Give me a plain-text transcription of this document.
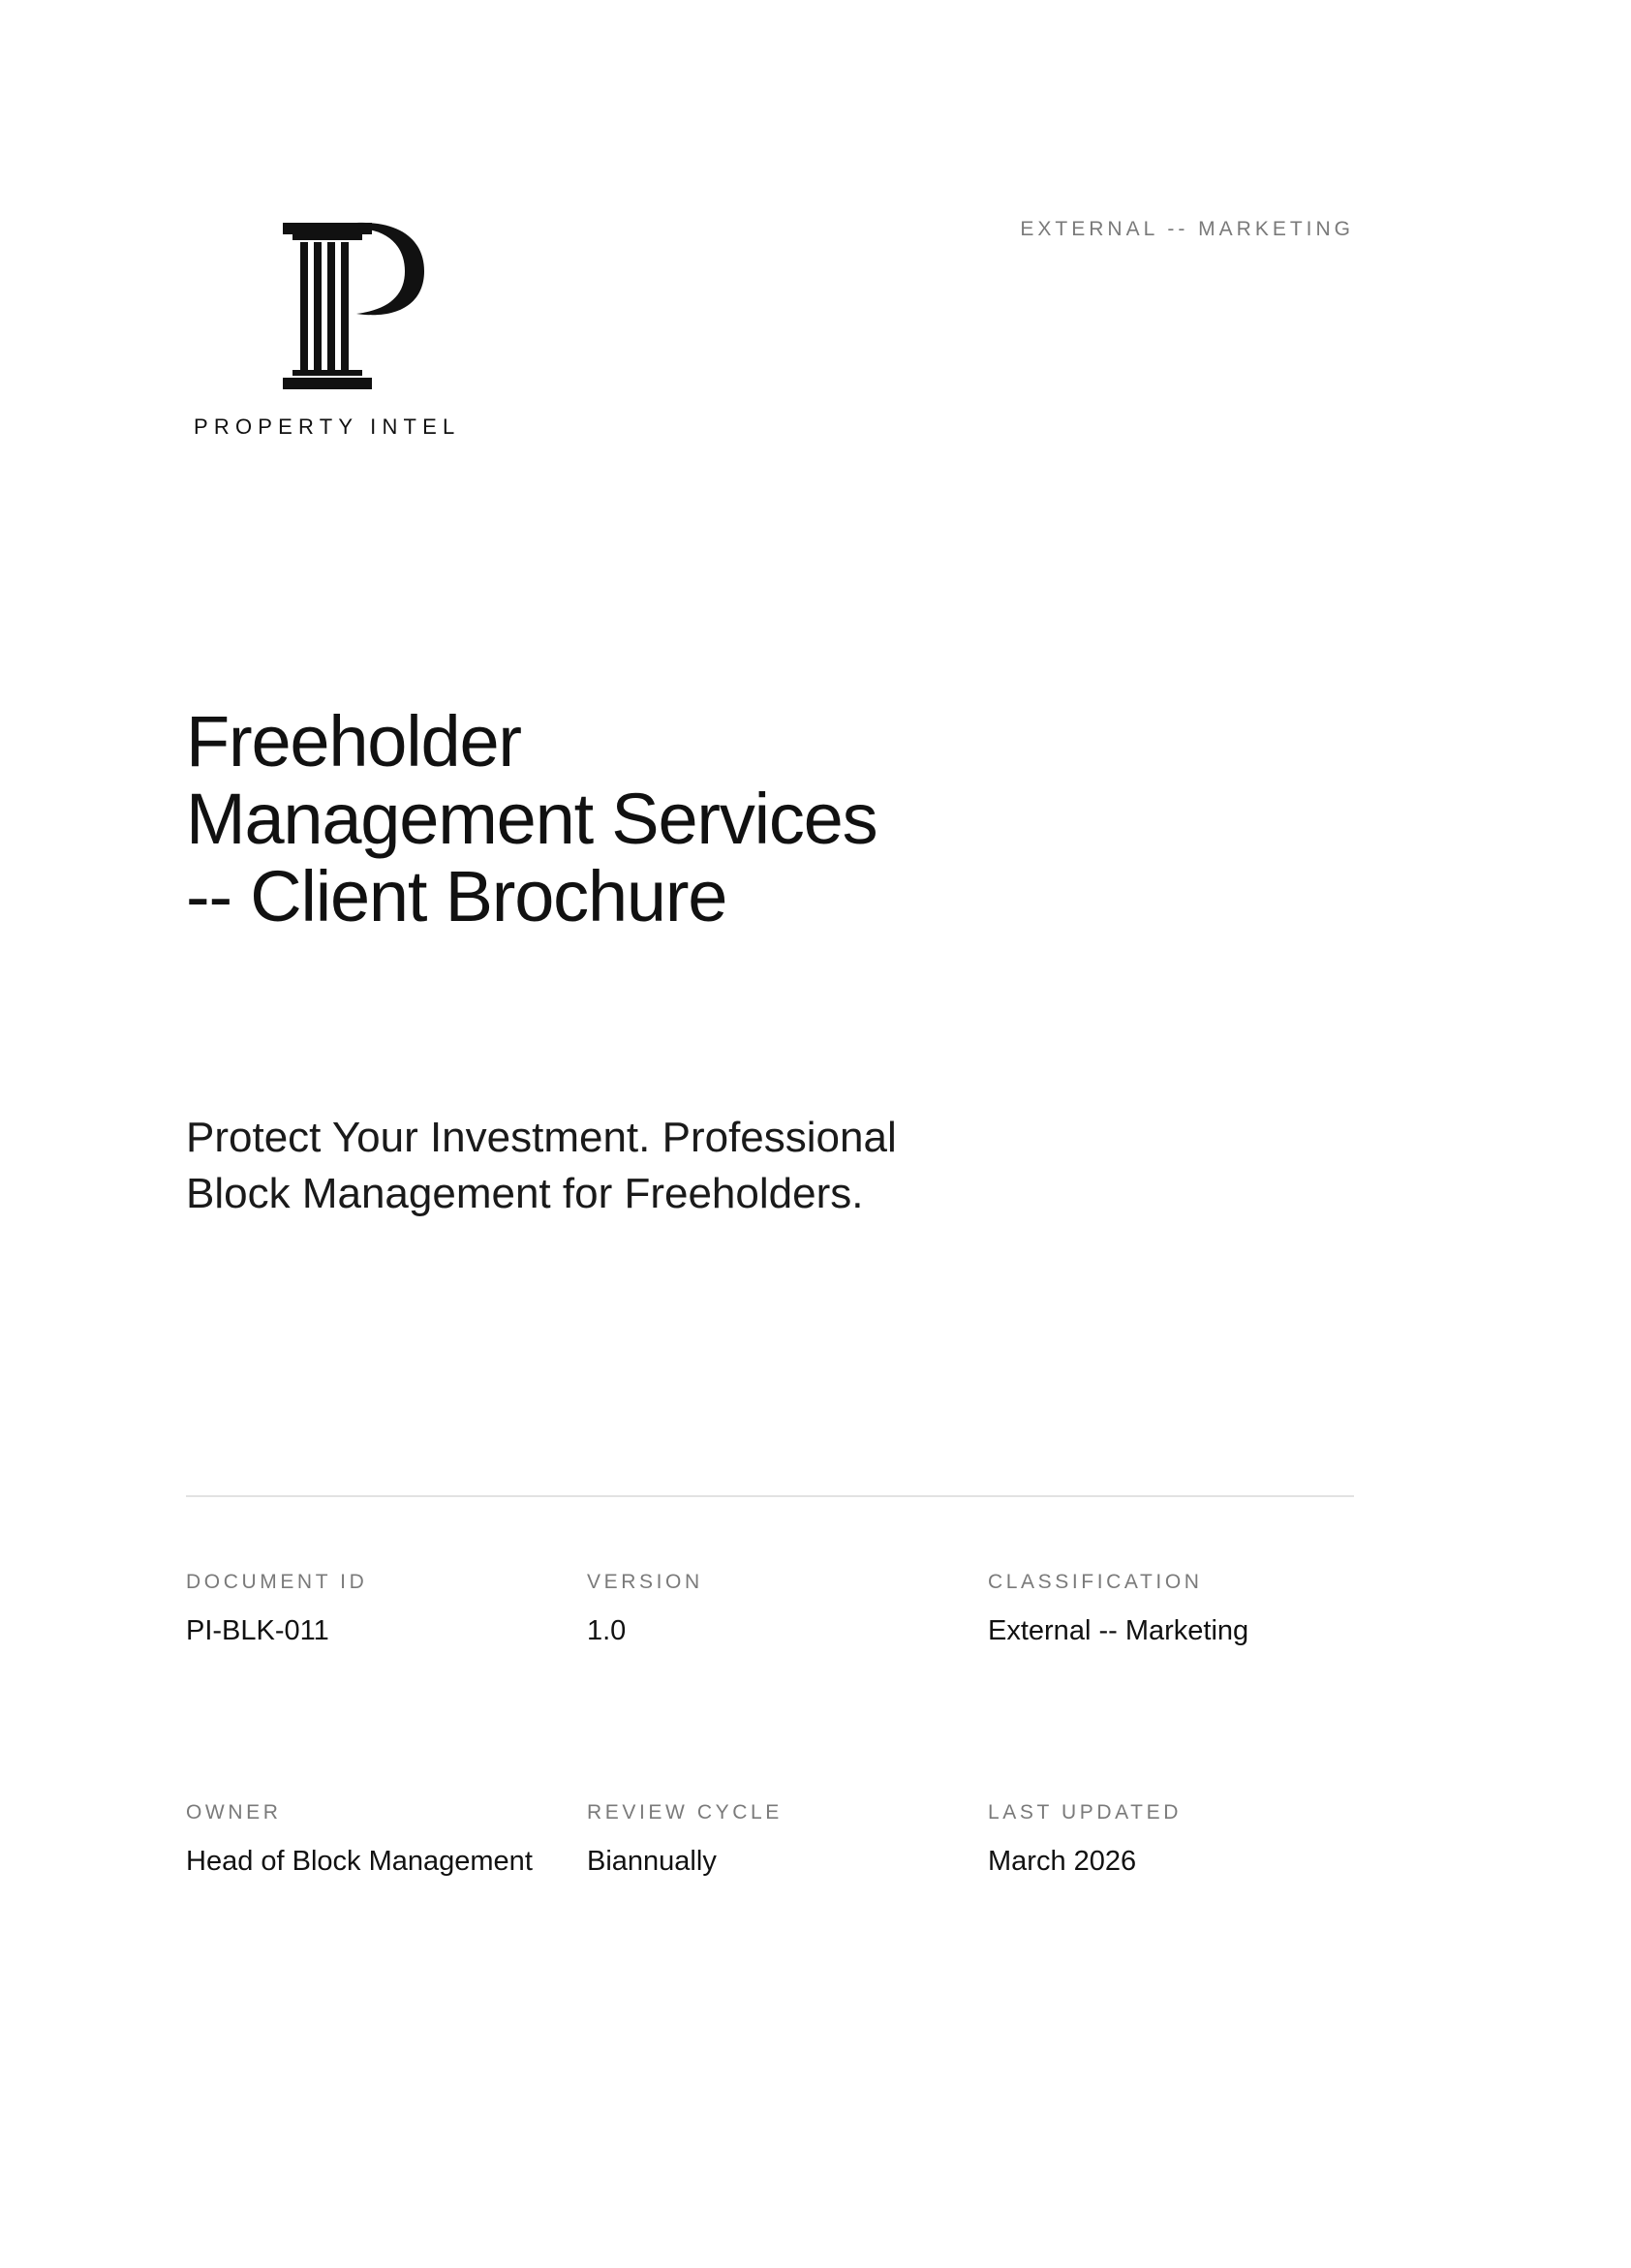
PROPERTY INTEL
EXTERNAL -- MARKETING
Freeholder
Management Services
-- Client Brochure

Protect Your Investment. Professional
Block Management for Freeholders.

DOCUMENT ID
PI-BLK-011
VERSION
1.0
CLASSIFICATION
External -- Marketing
OWNER
Head of Block Management
REVIEW CYCLE
Biannually
LAST UPDATED
March 2026
